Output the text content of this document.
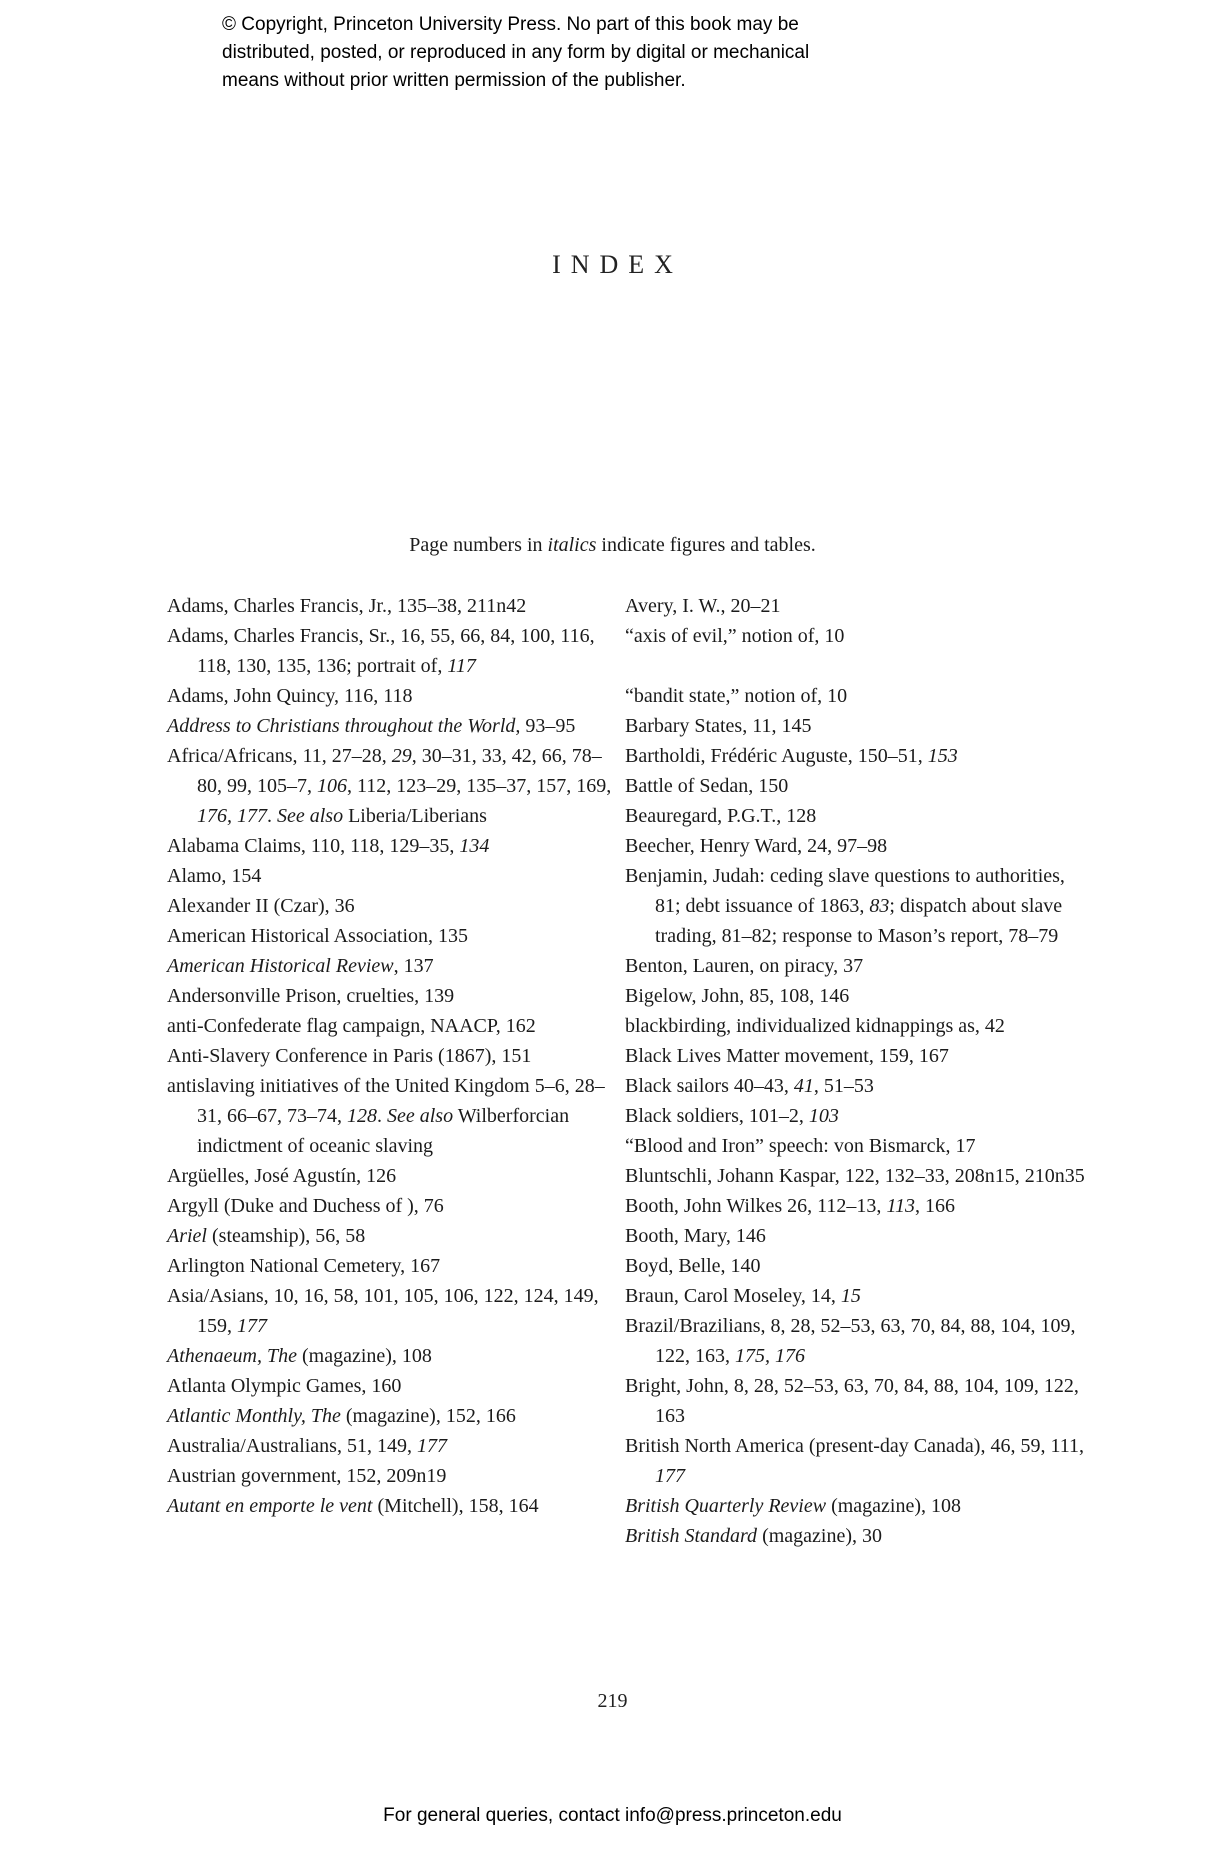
© Copyright, Princeton University Press. No part of this book may be
distributed, posted, or reproduced in any form by digital or mechanical
means without prior written permission of the publisher.
INDEX

Page numbers in italics indicate figures and tables.

Adams, Charles Francis, Jr., 135–38, 211n42
Adams, Charles Francis, Sr., 16, 55, 66, 84, 100, 116, 118, 130, 135, 136; portrait of, 117
Adams, John Quincy, 116, 118
Address to Christians throughout the World, 93–95
Africa/Africans, 11, 27–28, 29, 30–31, 33, 42, 66, 78–80, 99, 105–7, 106, 112, 123–29, 135–37, 157, 169, 176, 177. See also Liberia/Liberians
Alabama Claims, 110, 118, 129–35, 134
Alamo, 154
Alexander II (Czar), 36
American Historical Association, 135
American Historical Review, 137
Andersonville Prison, cruelties, 139
anti-Confederate flag campaign, NAACP, 162
Anti-Slavery Conference in Paris (1867), 151
antislaving initiatives of the United Kingdom 5–6, 28–31, 66–67, 73–74, 128. See also Wilberforcian indictment of oceanic slaving
Argüelles, José Agustín, 126
Argyll (Duke and Duchess of ), 76
Ariel (steamship), 56, 58
Arlington National Cemetery, 167
Asia/Asians, 10, 16, 58, 101, 105, 106, 122, 124, 149, 159, 177
Athenaeum, The (magazine), 108
Atlanta Olympic Games, 160
Atlantic Monthly, The (magazine), 152, 166
Australia/Australians, 51, 149, 177
Austrian government, 152, 209n19
Autant en emporte le vent (Mitchell), 158, 164
Avery, I. W., 20–21
“axis of evil,” notion of, 10
“bandit state,” notion of, 10
Barbary States, 11, 145
Bartholdi, Frédéric Auguste, 150–51, 153
Battle of Sedan, 150
Beauregard, P.G.T., 128
Beecher, Henry Ward, 24, 97–98
Benjamin, Judah: ceding slave questions to authorities, 81; debt issuance of 1863, 83; dispatch about slave trading, 81–82; response to Mason’s report, 78–79
Benton, Lauren, on piracy, 37
Bigelow, John, 85, 108, 146
blackbirding, individualized kidnappings as, 42
Black Lives Matter movement, 159, 167
Black sailors 40–43, 41, 51–53
Black soldiers, 101–2, 103
“Blood and Iron” speech: von Bismarck, 17
Bluntschli, Johann Kaspar, 122, 132–33, 208n15, 210n35
Booth, John Wilkes 26, 112–13, 113, 166
Booth, Mary, 146
Boyd, Belle, 140
Braun, Carol Moseley, 14, 15
Brazil/Brazilians, 8, 28, 52–53, 63, 70, 84, 88, 104, 109, 122, 163, 175, 176
Bright, John, 8, 28, 52–53, 63, 70, 84, 88, 104, 109, 122, 163
British North America (present-day Canada), 46, 59, 111, 177
British Quarterly Review (magazine), 108
British Standard (magazine), 30
219
For general queries, contact info@press.princeton.edu
